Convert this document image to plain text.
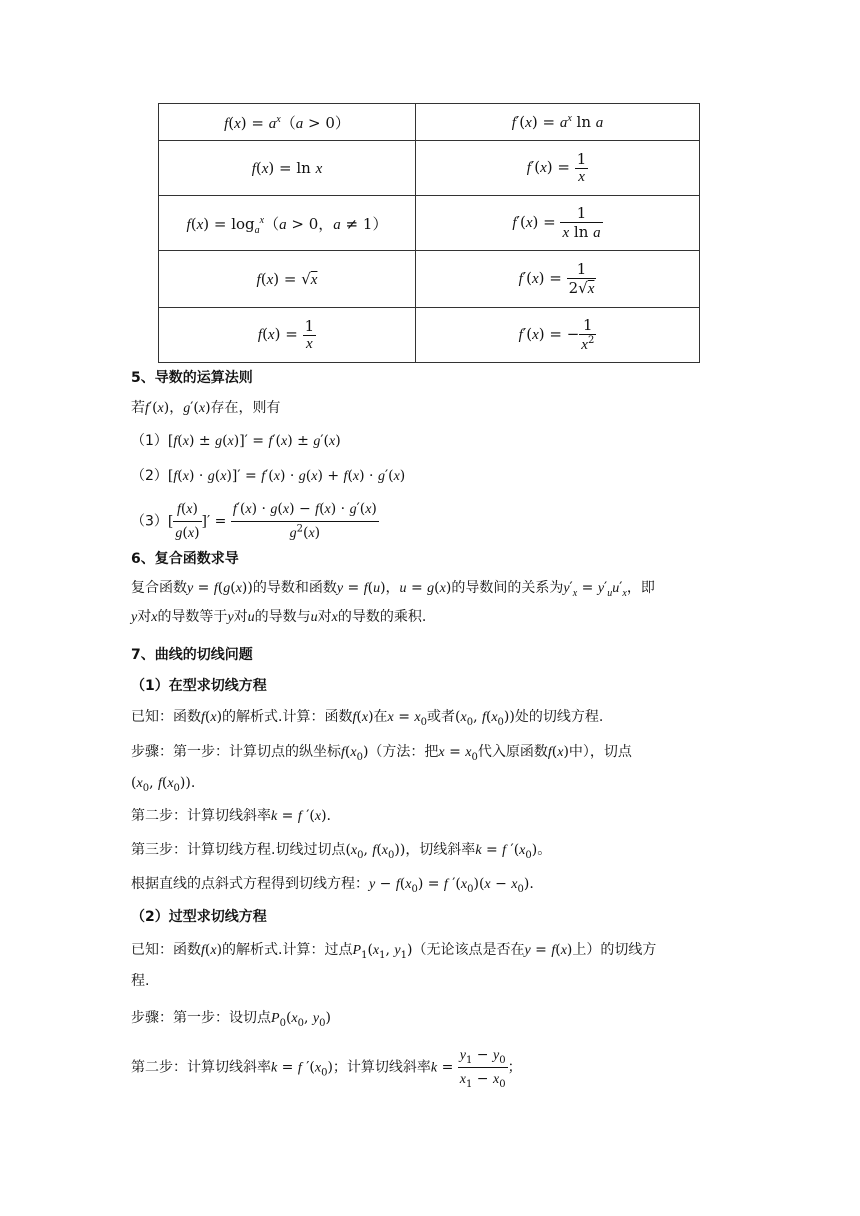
$f(x) = a^x(a > 0)$	$f'(x) = a^x$ ln a
f(x) = ln x	$f'(x) = \frac{1}{x}$

$f(x) = \log_a^x(a > 0$，a ≠ 1）	$f'(x) = \frac{1}{\text{x ln a}}$

f(x) = √x	$f'(x) = \frac{1}{2√x}$

$f(x) = \frac{1}{x}$	f′(x) = − $\frac{1}{x^2}$
5、导数的运算法则
若f′(x)，g′(x)存在，则有
（1）[f(x) ± g(x)]′ = f′(x) ± g′(x)
（2）[f(x) · g(x)]′ = f′(x) · g(x) + f(x) · g′(x)
$(3)[ \frac{f(x)}{g(x)}$ ]′ = $\frac{f'(x) \cdot g(x) - f(x) \cdot g'(x)}{g^2(x)}$
6、复合函数求导
复合函数y = f(g(x))的导数和函数y = f(u)，u = g(x)的导数间的关系为$y'_x = y'_uu'_x$，即
y对x的导数等于y对u的导数与u对x的导数的乘积.
7、曲线的切线问题
（1）在型求切线方程
已知：函数f(x)的解析式.计算：函数f(x)在$x = x_0$或者($x_0$, $f(x_0)$)处的切线方程.
步骤：第一步：计算切点的纵坐标$f(x_0)$（方法：把$x = x_0$代入原函数f(x)中），切点
($x_0$, $f(x_0)$).
第二步：计算切线斜率k = f ′(x).
第三步：计算切线方程.切线过切点($x_0$, $f(x_0)$)，切线斜率k = f $'(x_0)$。
根据直线的点斜式方程得到切线方程：$y - f(x_0) = f$ $'(x_0)(x - x_0)$.
（2）过型求切线方程
已知：函数f(x)的解析式.计算：过点$P_1(x_1$, $y_1$)（无论该点是否在y = f(x)上）的切线方
程.
步骤：第一步：设切点$P_0(x_0$, $y_0$)
第二步：计算切线斜率k = f $'(x_0)$；计算切线斜率$k = \frac{y_1 - y_0}{x_1 - x_0}$ ；
